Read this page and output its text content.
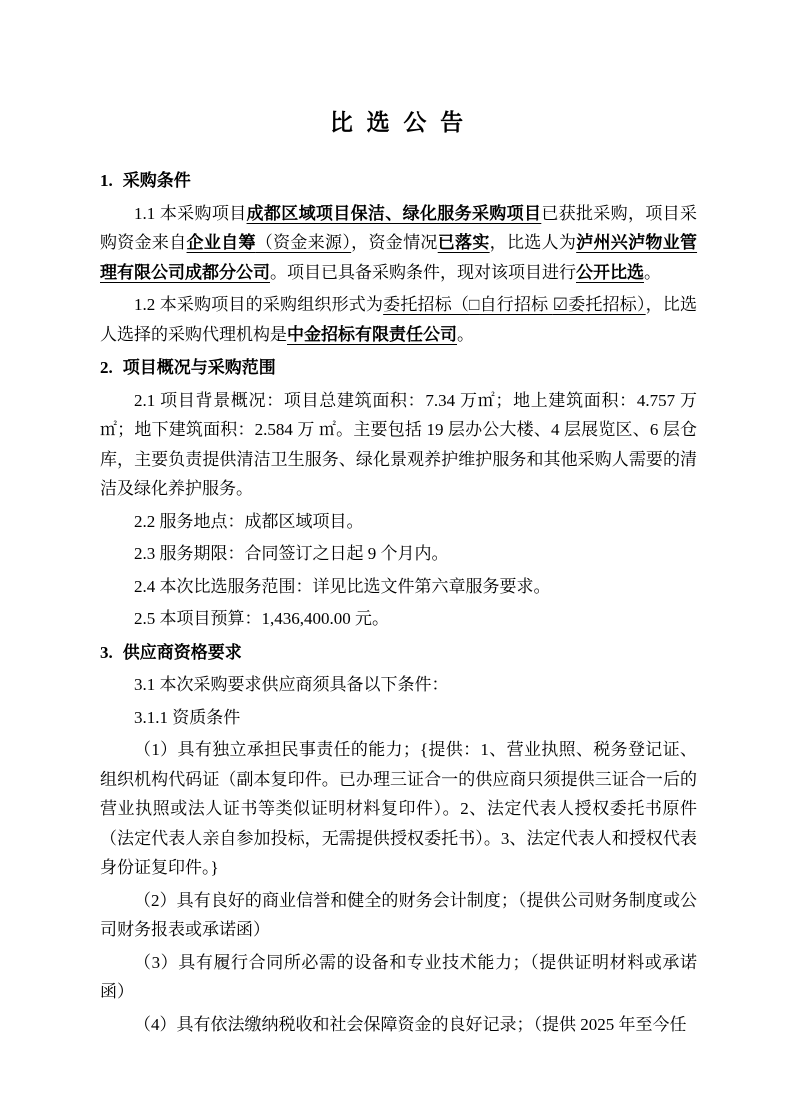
比 选 公 告
1. 采购条件

1.1 本采购项目成都区域项目保洁、绿化服务采购项目已获批采购，项目采购资金来自企业自筹（资金来源），资金情况已落实，比选人为泸州兴泸物业管理有限公司成都分公司。项目已具备采购条件，现对该项目进行公开比选。

1.2 本采购项目的采购组织形式为委托招标（□自行招标 ☑委托招标），比选人选择的采购代理机构是中金招标有限责任公司。

2. 项目概况与采购范围

2.1 项目背景概况：项目总建筑面积：7.34 万㎡；地上建筑面积：4.757 万 ㎡；地下建筑面积：2.584 万 ㎡。主要包括 19 层办公大楼、4 层展览区、6 层仓库，主要负责提供清洁卫生服务、绿化景观养护维护服务和其他采购人需要的清洁及绿化养护服务。

2.2 服务地点：成都区域项目。

2.3 服务期限：合同签订之日起 9 个月内。

2.4 本次比选服务范围：详见比选文件第六章服务要求。

2.5 本项目预算：1,436,400.00 元。

3. 供应商资格要求

3.1 本次采购要求供应商须具备以下条件：

3.1.1 资质条件

（1）具有独立承担民事责任的能力；{提供：1、营业执照、税务登记证、组织机构代码证（副本复印件。已办理三证合一的供应商只须提供三证合一后的营业执照或法人证书等类似证明材料复印件）。2、法定代表人授权委托书原件（法定代表人亲自参加投标，无需提供授权委托书）。3、法定代表人和授权代表身份证复印件。}

（2）具有良好的商业信誉和健全的财务会计制度；（提供公司财务制度或公司财务报表或承诺函）

（3）具有履行合同所必需的设备和专业技术能力；（提供证明材料或承诺函）

（4）具有依法缴纳税收和社会保障资金的良好记录；（提供 2025 年至今任
